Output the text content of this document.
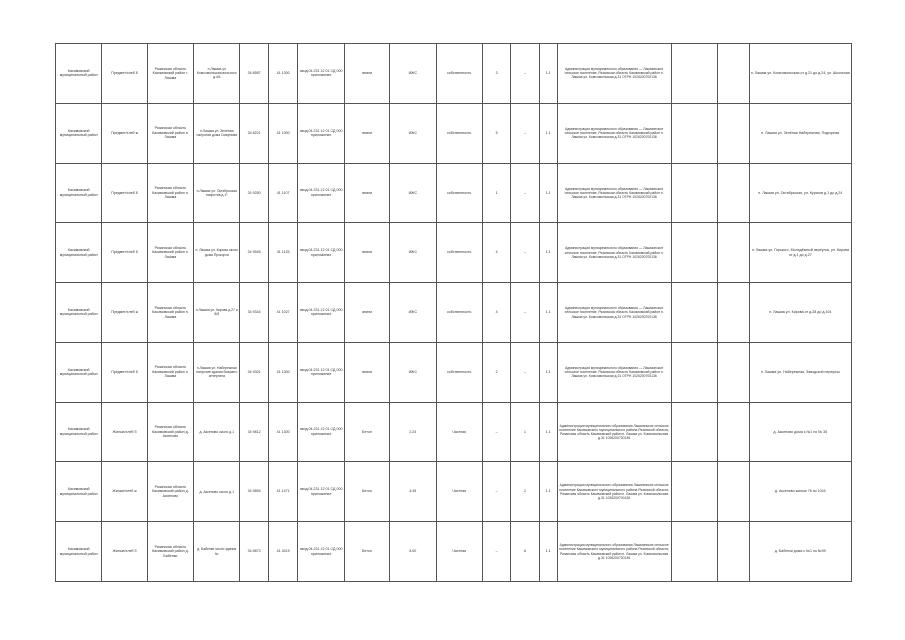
Касимовский муниципальный район	Предмет/хлеб б	Рязанская область Касимовский район г. Лашма	п.Лашма ул Комсомольская,вольного д.4/4	34 8587	41 1300	свид.04.231 12 01 СД 000 приложение	земли	ИЖС	собственность	3	–	1.1	Администрация муниципального образования — Лашминское сельское поселение, Рязанская область Касимовский район п. Лашма ул. Комсомольская д.31 ОГРН 1026200700136			п. Лашма ул. Комсомольская от д.21 до д.24, ул. Школьная
Касимовский муниципальный район	Предмет/хлеб ж	Рязанская область Касимовский район п. Лашма	п.Лашма ул. Зелёная напротив дома Смирнова	34 8221	41 1300	свид.04.231 12 01 СД 000 приложение	земли	ИЖС	собственность	5	–	1.1	Администрация муниципального образования — Лашминское сельское поселение, Рязанская область Касимовский район п. Лашма ул. Комсомольская д.31 ОГРН 1026200700136			п. Лашма ул. Зелёная Набережная, Подгорная
Касимовский муниципальный район	Предмет/хлеб б	Рязанская область Касимовский район п. Лашма	п.Лашма ул. Октябрьская напротив д.1*	34 9250	41 1107	свид.04.231 12 01 СД 000 приложение	земли	ИЖС	собственность	1	–	1.1	Администрация муниципального образования — Лашминское сельское поселение, Рязанская область Касимовский район п. Лашма ул. Комсомольская д.31 ОГРН 1026200700136			п. Лашма ул. Октябрьская, ул. Курсков д.1 до д.24
Касимовский муниципальный район	Предмет/хлеб б	Рязанская область Касимовский район п. Лашма	п. Лашма ул. Кирова около дома Прокорта	34 9545	41 1125	свид.04.231 12 01 СД 000 приложение	земли	ИЖС	собственность	4	–	1.1	Администрация муниципального образования — Лашминское сельское поселение, Рязанская область Касимовский район п. Лашма ул. Комсомольская д.31 ОГРН 1026200700136			п. Лашма ул. Горького, Молодёжный переулок, ул. Кирова от д.1 до д.27
Касимовский муниципальный район	Предмет/хлеб ж	Рязанская область Касимовский район п. Лашма	п.Лашма ул. Кирова д.27 и 8/8	34 9344	41 1027	свид.04.231 12 01 СД 000 приложение	земли	ИЖС	собственность	4	–	1.1	Администрация муниципального образования — Лашминское сельское поселение, Рязанская область Касимовский район п. Лашма ул. Комсомольская д.31 ОГРН 1026200700136			п. Лашма ул. Кирова от д.28 до д.104
Касимовский муниципальный район	Предмет/хлеб б	Рязанская область Касимовский район п. Лашма	п.Лашма ул. Набережная напротив здания бывшего интерната	34 9301	41 1300	свид.04.231 12 01 СД 000 приложение	земли	ИЖС	собственность	2	–	1.1	Администрация муниципального образования — Лашминское сельское поселение, Рязанская область Касимовский район п. Лашма ул. Комсомольская д.31 ОГРН 1026200700136			п. Лашма ул. Набережная, Заводской переулок
Касимовский муниципальный район	Жилые/хлеб б	Рязанская область Касимовский район д. Аксеново	д. Аксеново около д.1	34 9812	41 1300	свид.04.231 12 01 СД 000 приложение	Бетон	2.24	Частная	–	1	1.1	Администрация муниципального образования Лашминское сельское поселение Касимовского муниципального района Рязанской области, Рязанская область Касимовский район п. Лашма ул. Комсомольская д.31 1026200700136			д. Аксеново дома с №1 по № 35
Касимовский муниципальный район	Жилые/хлеб ж	Рязанская область Касимовский район д. Аксеново	д. Аксеново около д.1	34 9894	41 1471	свид.04.231 12 01 СД 000 приложение	Бетон	4.45	Частная	–	2	1.1	Администрация муниципального образования Лашминское сельское поселение Касимовского муниципального района Рязанской области, Рязанская область Касимовский район п. Лашма ул. Комсомольская д.31 1026200700136			д. Аксеново жилые 76 по 1044
Касимовский муниципальный район	Жилые/хлеб б	Рязанская область Касимовский район д. Бабенки	д. Бабенки около здания №	34.9873	41 3419	свид.04.231 12 01 СД 000 приложение	Бетон	8.00	Частная	–	6	1.1	Администрация муниципального образования Лашминское сельское поселение Касимовского муниципального района Рязанской области, Рязанская область Касимовский район п. Лашма ул. Комсомольская д.31 1026200700136			д. Бабенки дома с №1 по №99
